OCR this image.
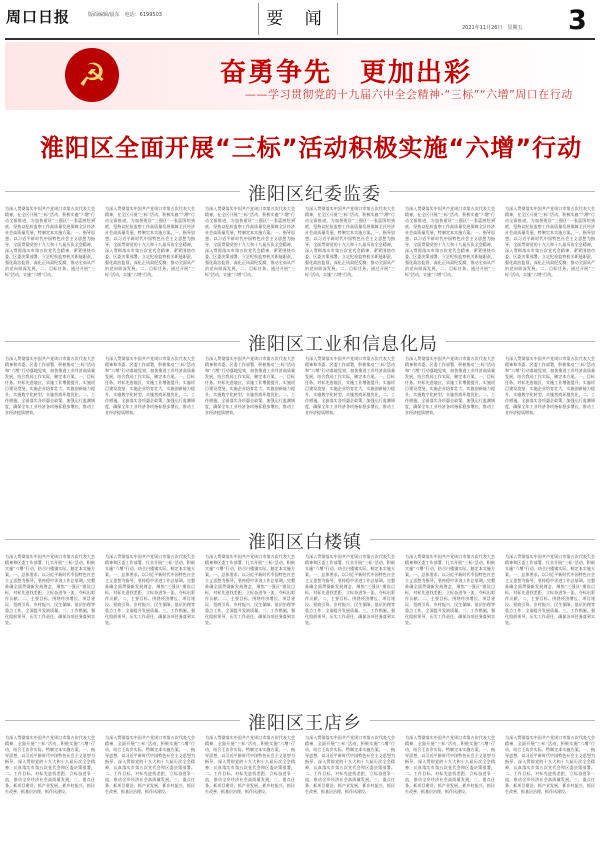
周口日报	版面编辑/晨东　电话：6199503	要 闻	2021年11月26日　星期五 3
☭	奋勇争先　更加出彩
——学习贯彻党的十九届六中全会精神·“三标”“六增”周口在行动
淮阳区全面开展“三标”活动积极实施“六增”行动
淮阳区纪委监委

为深入贯彻落实中国共产党周口市第五次代表大会精神，在全区开展“三标”活动，积极实施“六增”行动全面推进，为加快建设“三强区”一张蓝图绘到底，坚持以纪检监察工作高质量发展保障全区经济社会高质量发展，特制定本实施方案。一、指导思想。以习近平新时代中国特色社会主义思想为指导，全面贯彻党的十九大和十九届历次全会精神，深入贯彻落实市第五次党代会精神，紧紧围绕市委、区委决策部署，立足纪检监察机关职能职责，强化政治监督，深化正风肃纪反腐，推动全面从严治党向纵深发展。二、目标任务。通过开展“三标”活动，实施“六增”行动。

为深入贯彻落实中国共产党周口市第五次代表大会精神，在全区开展“三标”活动，积极实施“六增”行动全面推进，为加快建设“三强区”一张蓝图绘到底，坚持以纪检监察工作高质量发展保障全区经济社会高质量发展，特制定本实施方案。一、指导思想。以习近平新时代中国特色社会主义思想为指导，全面贯彻党的十九大和十九届历次全会精神，深入贯彻落实市第五次党代会精神，紧紧围绕市委、区委决策部署，立足纪检监察机关职能职责，强化政治监督，深化正风肃纪反腐，推动全面从严治党向纵深发展。二、目标任务。通过开展“三标”活动，实施“六增”行动。

为深入贯彻落实中国共产党周口市第五次代表大会精神，在全区开展“三标”活动，积极实施“六增”行动全面推进，为加快建设“三强区”一张蓝图绘到底，坚持以纪检监察工作高质量发展保障全区经济社会高质量发展，特制定本实施方案。一、指导思想。以习近平新时代中国特色社会主义思想为指导，全面贯彻党的十九大和十九届历次全会精神，深入贯彻落实市第五次党代会精神，紧紧围绕市委、区委决策部署，立足纪检监察机关职能职责，强化政治监督，深化正风肃纪反腐，推动全面从严治党向纵深发展。二、目标任务。通过开展“三标”活动，实施“六增”行动。

为深入贯彻落实中国共产党周口市第五次代表大会精神，在全区开展“三标”活动，积极实施“六增”行动全面推进，为加快建设“三强区”一张蓝图绘到底，坚持以纪检监察工作高质量发展保障全区经济社会高质量发展，特制定本实施方案。一、指导思想。以习近平新时代中国特色社会主义思想为指导，全面贯彻党的十九大和十九届历次全会精神，深入贯彻落实市第五次党代会精神，紧紧围绕市委、区委决策部署，立足纪检监察机关职能职责，强化政治监督，深化正风肃纪反腐，推动全面从严治党向纵深发展。二、目标任务。通过开展“三标”活动，实施“六增”行动。

为深入贯彻落实中国共产党周口市第五次代表大会精神，在全区开展“三标”活动，积极实施“六增”行动全面推进，为加快建设“三强区”一张蓝图绘到底，坚持以纪检监察工作高质量发展保障全区经济社会高质量发展，特制定本实施方案。一、指导思想。以习近平新时代中国特色社会主义思想为指导，全面贯彻党的十九大和十九届历次全会精神，深入贯彻落实市第五次党代会精神，紧紧围绕市委、区委决策部署，立足纪检监察机关职能职责，强化政治监督，深化正风肃纪反腐，推动全面从严治党向纵深发展。二、目标任务。通过开展“三标”活动，实施“六增”行动。

为深入贯彻落实中国共产党周口市第五次代表大会精神，在全区开展“三标”活动，积极实施“六增”行动全面推进，为加快建设“三强区”一张蓝图绘到底，坚持以纪检监察工作高质量发展保障全区经济社会高质量发展，特制定本实施方案。一、指导思想。以习近平新时代中国特色社会主义思想为指导，全面贯彻党的十九大和十九届历次全会精神，深入贯彻落实市第五次党代会精神，紧紧围绕市委、区委决策部署，立足纪检监察机关职能职责，强化政治监督，深化正风肃纪反腐，推动全面从严治党向纵深发展。二、目标任务。通过开展“三标”活动，实施“六增”行动。

淮阳区工业和信息化局

为深入贯彻落实中国共产党周口市第五次代表大会精神和市委、区委工作部署，积极推动“三标”活动和“六增”行动落地见效，加快推进工业经济高质量发展，结合我局工作实际，制定本方案。一、目标任务。对标先进地区，实施工业增值提升，实施项目建设攻坚，实施企业培育壮大，实施创新能力提升，实施数字化转型，实施营商环境优化。二、工作措施。全面落实各项惠企政策，加强运行监测调度，确保全年工业经济各项指标稳步增长，推动工业经济提质增效。

为深入贯彻落实中国共产党周口市第五次代表大会精神和市委、区委工作部署，积极推动“三标”活动和“六增”行动落地见效，加快推进工业经济高质量发展，结合我局工作实际，制定本方案。一、目标任务。对标先进地区，实施工业增值提升，实施项目建设攻坚，实施企业培育壮大，实施创新能力提升，实施数字化转型，实施营商环境优化。二、工作措施。全面落实各项惠企政策，加强运行监测调度，确保全年工业经济各项指标稳步增长，推动工业经济提质增效。

为深入贯彻落实中国共产党周口市第五次代表大会精神和市委、区委工作部署，积极推动“三标”活动和“六增”行动落地见效，加快推进工业经济高质量发展，结合我局工作实际，制定本方案。一、目标任务。对标先进地区，实施工业增值提升，实施项目建设攻坚，实施企业培育壮大，实施创新能力提升，实施数字化转型，实施营商环境优化。二、工作措施。全面落实各项惠企政策，加强运行监测调度，确保全年工业经济各项指标稳步增长，推动工业经济提质增效。

为深入贯彻落实中国共产党周口市第五次代表大会精神和市委、区委工作部署，积极推动“三标”活动和“六增”行动落地见效，加快推进工业经济高质量发展，结合我局工作实际，制定本方案。一、目标任务。对标先进地区，实施工业增值提升，实施项目建设攻坚，实施企业培育壮大，实施创新能力提升，实施数字化转型，实施营商环境优化。二、工作措施。全面落实各项惠企政策，加强运行监测调度，确保全年工业经济各项指标稳步增长，推动工业经济提质增效。

为深入贯彻落实中国共产党周口市第五次代表大会精神和市委、区委工作部署，积极推动“三标”活动和“六增”行动落地见效，加快推进工业经济高质量发展，结合我局工作实际，制定本方案。一、目标任务。对标先进地区，实施工业增值提升，实施项目建设攻坚，实施企业培育壮大，实施创新能力提升，实施数字化转型，实施营商环境优化。二、工作措施。全面落实各项惠企政策，加强运行监测调度，确保全年工业经济各项指标稳步增长，推动工业经济提质增效。

为深入贯彻落实中国共产党周口市第五次代表大会精神和市委、区委工作部署，积极推动“三标”活动和“六增”行动落地见效，加快推进工业经济高质量发展，结合我局工作实际，制定本方案。一、目标任务。对标先进地区，实施工业增值提升，实施项目建设攻坚，实施企业培育壮大，实施创新能力提升，实施数字化转型，实施营商环境优化。二、工作措施。全面落实各项惠企政策，加强运行监测调度，确保全年工业经济各项指标稳步增长，推动工业经济提质增效。

淮阳区白楼镇

为深入贯彻落实中国共产党周口市第五次代表大会精神和区委工作部署，扎实开展“三标”活动，积极实施“六增”行动，结合白楼镇实际，制定本实施方案。一、总体要求。以习近平新时代中国特色社会主义思想为指导，坚持稳中求进工作总基调，完整准确全面贯彻新发展理念，聚焦“三强区”建设目标，对标先进找差距，立标奋进争一流，夺标出彩作贡献。二、主要目标。围绕经济增长、项目建设、招商引资、乡村振兴、民生保障、基层治理等重点工作，全面提升发展质量。三、工作措施。强化组织领导，压实工作责任，确保各项任务落到实处。

为深入贯彻落实中国共产党周口市第五次代表大会精神和区委工作部署，扎实开展“三标”活动，积极实施“六增”行动，结合白楼镇实际，制定本实施方案。一、总体要求。以习近平新时代中国特色社会主义思想为指导，坚持稳中求进工作总基调，完整准确全面贯彻新发展理念，聚焦“三强区”建设目标，对标先进找差距，立标奋进争一流，夺标出彩作贡献。二、主要目标。围绕经济增长、项目建设、招商引资、乡村振兴、民生保障、基层治理等重点工作，全面提升发展质量。三、工作措施。强化组织领导，压实工作责任，确保各项任务落到实处。

为深入贯彻落实中国共产党周口市第五次代表大会精神和区委工作部署，扎实开展“三标”活动，积极实施“六增”行动，结合白楼镇实际，制定本实施方案。一、总体要求。以习近平新时代中国特色社会主义思想为指导，坚持稳中求进工作总基调，完整准确全面贯彻新发展理念，聚焦“三强区”建设目标，对标先进找差距，立标奋进争一流，夺标出彩作贡献。二、主要目标。围绕经济增长、项目建设、招商引资、乡村振兴、民生保障、基层治理等重点工作，全面提升发展质量。三、工作措施。强化组织领导，压实工作责任，确保各项任务落到实处。

为深入贯彻落实中国共产党周口市第五次代表大会精神和区委工作部署，扎实开展“三标”活动，积极实施“六增”行动，结合白楼镇实际，制定本实施方案。一、总体要求。以习近平新时代中国特色社会主义思想为指导，坚持稳中求进工作总基调，完整准确全面贯彻新发展理念，聚焦“三强区”建设目标，对标先进找差距，立标奋进争一流，夺标出彩作贡献。二、主要目标。围绕经济增长、项目建设、招商引资、乡村振兴、民生保障、基层治理等重点工作，全面提升发展质量。三、工作措施。强化组织领导，压实工作责任，确保各项任务落到实处。

为深入贯彻落实中国共产党周口市第五次代表大会精神和区委工作部署，扎实开展“三标”活动，积极实施“六增”行动，结合白楼镇实际，制定本实施方案。一、总体要求。以习近平新时代中国特色社会主义思想为指导，坚持稳中求进工作总基调，完整准确全面贯彻新发展理念，聚焦“三强区”建设目标，对标先进找差距，立标奋进争一流，夺标出彩作贡献。二、主要目标。围绕经济增长、项目建设、招商引资、乡村振兴、民生保障、基层治理等重点工作，全面提升发展质量。三、工作措施。强化组织领导，压实工作责任，确保各项任务落到实处。

为深入贯彻落实中国共产党周口市第五次代表大会精神和区委工作部署，扎实开展“三标”活动，积极实施“六增”行动，结合白楼镇实际，制定本实施方案。一、总体要求。以习近平新时代中国特色社会主义思想为指导，坚持稳中求进工作总基调，完整准确全面贯彻新发展理念，聚焦“三强区”建设目标，对标先进找差距，立标奋进争一流，夺标出彩作贡献。二、主要目标。围绕经济增长、项目建设、招商引资、乡村振兴、民生保障、基层治理等重点工作，全面提升发展质量。三、工作措施。强化组织领导，压实工作责任，确保各项任务落到实处。

淮阳区王店乡

为深入贯彻落实中国共产党周口市第五次代表大会精神，全面开展“三标”活动，积极实施“六增”行动，结合王店乡实际，特制定本实施方案。一、指导思想。以习近平新时代中国特色社会主义思想为指导，深入贯彻党的十九大和十九届历次全会精神，认真落实市第五次党代会和区委决策部署。二、工作目标。对标先进找差距，立标奋进争一流，推动全乡经济社会高质量发展。三、重点任务。抓项目建设，抓产业发展，抓乡村振兴，抓民生改善，抓基层治理，抓作风建设。

为深入贯彻落实中国共产党周口市第五次代表大会精神，全面开展“三标”活动，积极实施“六增”行动，结合王店乡实际，特制定本实施方案。一、指导思想。以习近平新时代中国特色社会主义思想为指导，深入贯彻党的十九大和十九届历次全会精神，认真落实市第五次党代会和区委决策部署。二、工作目标。对标先进找差距，立标奋进争一流，推动全乡经济社会高质量发展。三、重点任务。抓项目建设，抓产业发展，抓乡村振兴，抓民生改善，抓基层治理，抓作风建设。

为深入贯彻落实中国共产党周口市第五次代表大会精神，全面开展“三标”活动，积极实施“六增”行动，结合王店乡实际，特制定本实施方案。一、指导思想。以习近平新时代中国特色社会主义思想为指导，深入贯彻党的十九大和十九届历次全会精神，认真落实市第五次党代会和区委决策部署。二、工作目标。对标先进找差距，立标奋进争一流，推动全乡经济社会高质量发展。三、重点任务。抓项目建设，抓产业发展，抓乡村振兴，抓民生改善，抓基层治理，抓作风建设。

为深入贯彻落实中国共产党周口市第五次代表大会精神，全面开展“三标”活动，积极实施“六增”行动，结合王店乡实际，特制定本实施方案。一、指导思想。以习近平新时代中国特色社会主义思想为指导，深入贯彻党的十九大和十九届历次全会精神，认真落实市第五次党代会和区委决策部署。二、工作目标。对标先进找差距，立标奋进争一流，推动全乡经济社会高质量发展。三、重点任务。抓项目建设，抓产业发展，抓乡村振兴，抓民生改善，抓基层治理，抓作风建设。

为深入贯彻落实中国共产党周口市第五次代表大会精神，全面开展“三标”活动，积极实施“六增”行动，结合王店乡实际，特制定本实施方案。一、指导思想。以习近平新时代中国特色社会主义思想为指导，深入贯彻党的十九大和十九届历次全会精神，认真落实市第五次党代会和区委决策部署。二、工作目标。对标先进找差距，立标奋进争一流，推动全乡经济社会高质量发展。三、重点任务。抓项目建设，抓产业发展，抓乡村振兴，抓民生改善，抓基层治理，抓作风建设。

为深入贯彻落实中国共产党周口市第五次代表大会精神，全面开展“三标”活动，积极实施“六增”行动，结合王店乡实际，特制定本实施方案。一、指导思想。以习近平新时代中国特色社会主义思想为指导，深入贯彻党的十九大和十九届历次全会精神，认真落实市第五次党代会和区委决策部署。二、工作目标。对标先进找差距，立标奋进争一流，推动全乡经济社会高质量发展。三、重点任务。抓项目建设，抓产业发展，抓乡村振兴，抓民生改善，抓基层治理，抓作风建设。
